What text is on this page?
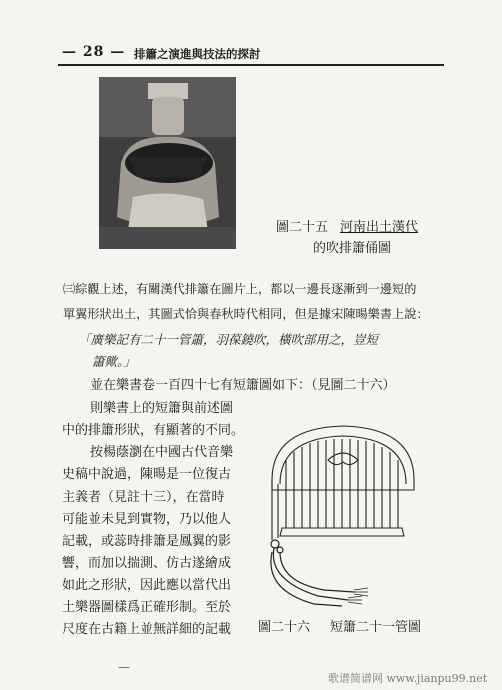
— 28 — 排簫之演進與技法的探討
圖二十五 河南出土漢代
的吹排簫俑圖
㈢綜觀上述，有關漢代排簫在圖片上，都以一邊長逐漸到一邊短的
單翼形狀出土，其圖式恰與春秋時代相同，但是據宋陳暘樂書上說：
「廣樂記有二十一管簫，羽葆鐃吹，橫吹部用之，豈短
簫歟。」
並在樂書卷一百四十七有短簫圖如下：（見圖二十六）
則樂書上的短簫與前述圖
中的排簫形狀，有顯著的不同。
按楊蔭瀏在中國古代音樂
史稿中說過，陳暘是一位復古
主義者（見註十三），在當時
可能並未見到實物，乃以他人
記載，或蕊時排簫是鳳翼的影
響，而加以揣測、仿古遂繪成
如此之形狀，因此應以當代出
土樂器圖樣爲正確形制。至於
尺度在古籍上並無詳細的記載 圖二十六 短簫二十一管圖
—
歌谱简谱网 www.jianpu99.net
